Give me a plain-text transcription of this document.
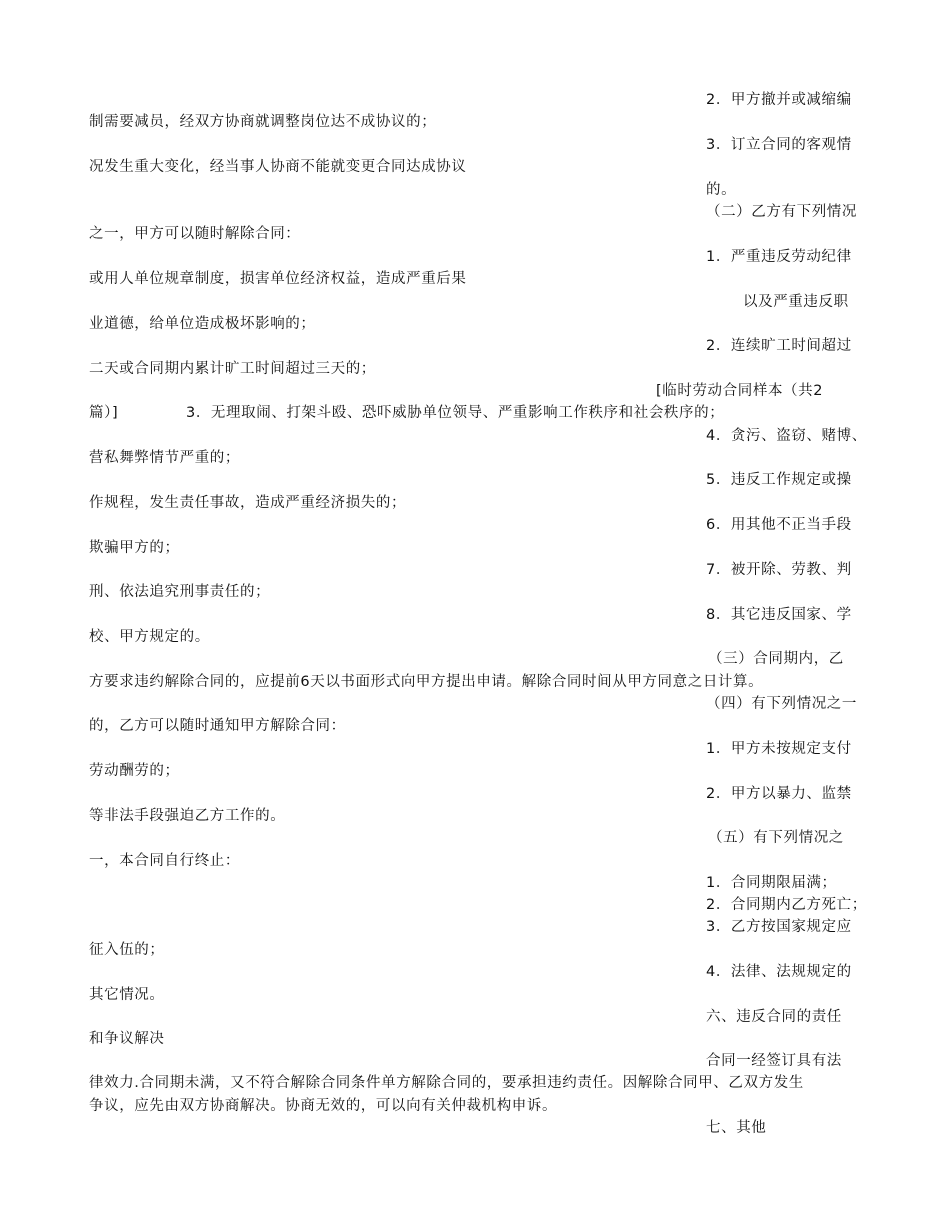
2．甲方撤并或减缩编
制需要减员，经双方协商就调整岗位达不成协议的；
3．订立合同的客观情
况发生重大变化，经当事人协商不能就变更合同达成协议
的。
（二）乙方有下列情况
之一，甲方可以随时解除合同：
1．严重违反劳动纪律
或用人单位规章制度，损害单位经济权益，造成严重后果
以及严重违反职
业道德，给单位造成极坏影响的；
2．连续旷工时间超过
二天或合同期内累计旷工时间超过三天的；
[临时劳动合同样本（共2
篇）]	3．无理取闹、打架斗殴、恐吓威胁单位领导、严重影响工作秩序和社会秩序的；
4．贪污、盗窃、赌博、
营私舞弊情节严重的；
5．违反工作规定或操
作规程，发生责任事故，造成严重经济损失的；
6．用其他不正当手段
欺骗甲方的；
7．被开除、劳教、判
刑、依法追究刑事责任的；
8．其它违反国家、学
校、甲方规定的。
（三）合同期内，乙
方要求违约解除合同的，应提前6天以书面形式向甲方提出申请。解除合同时间从甲方同意之日计算。
（四）有下列情况之一
的，乙方可以随时通知甲方解除合同：
1．甲方未按规定支付
劳动酬劳的；
2．甲方以暴力、监禁
等非法手段强迫乙方工作的。
（五）有下列情况之
一，本合同自行终止：
1．合同期限届满；
2．合同期内乙方死亡；
3．乙方按国家规定应
征入伍的；
4．法律、法规规定的
其它情况。
六、违反合同的责任
和争议解决
合同一经签订具有法
律效力.合同期未满，又不符合解除合同条件单方解除合同的，要承担违约责任。因解除合同甲、乙双方发生
争议，应先由双方协商解决。协商无效的，可以向有关仲裁机构申诉。
七、其他
